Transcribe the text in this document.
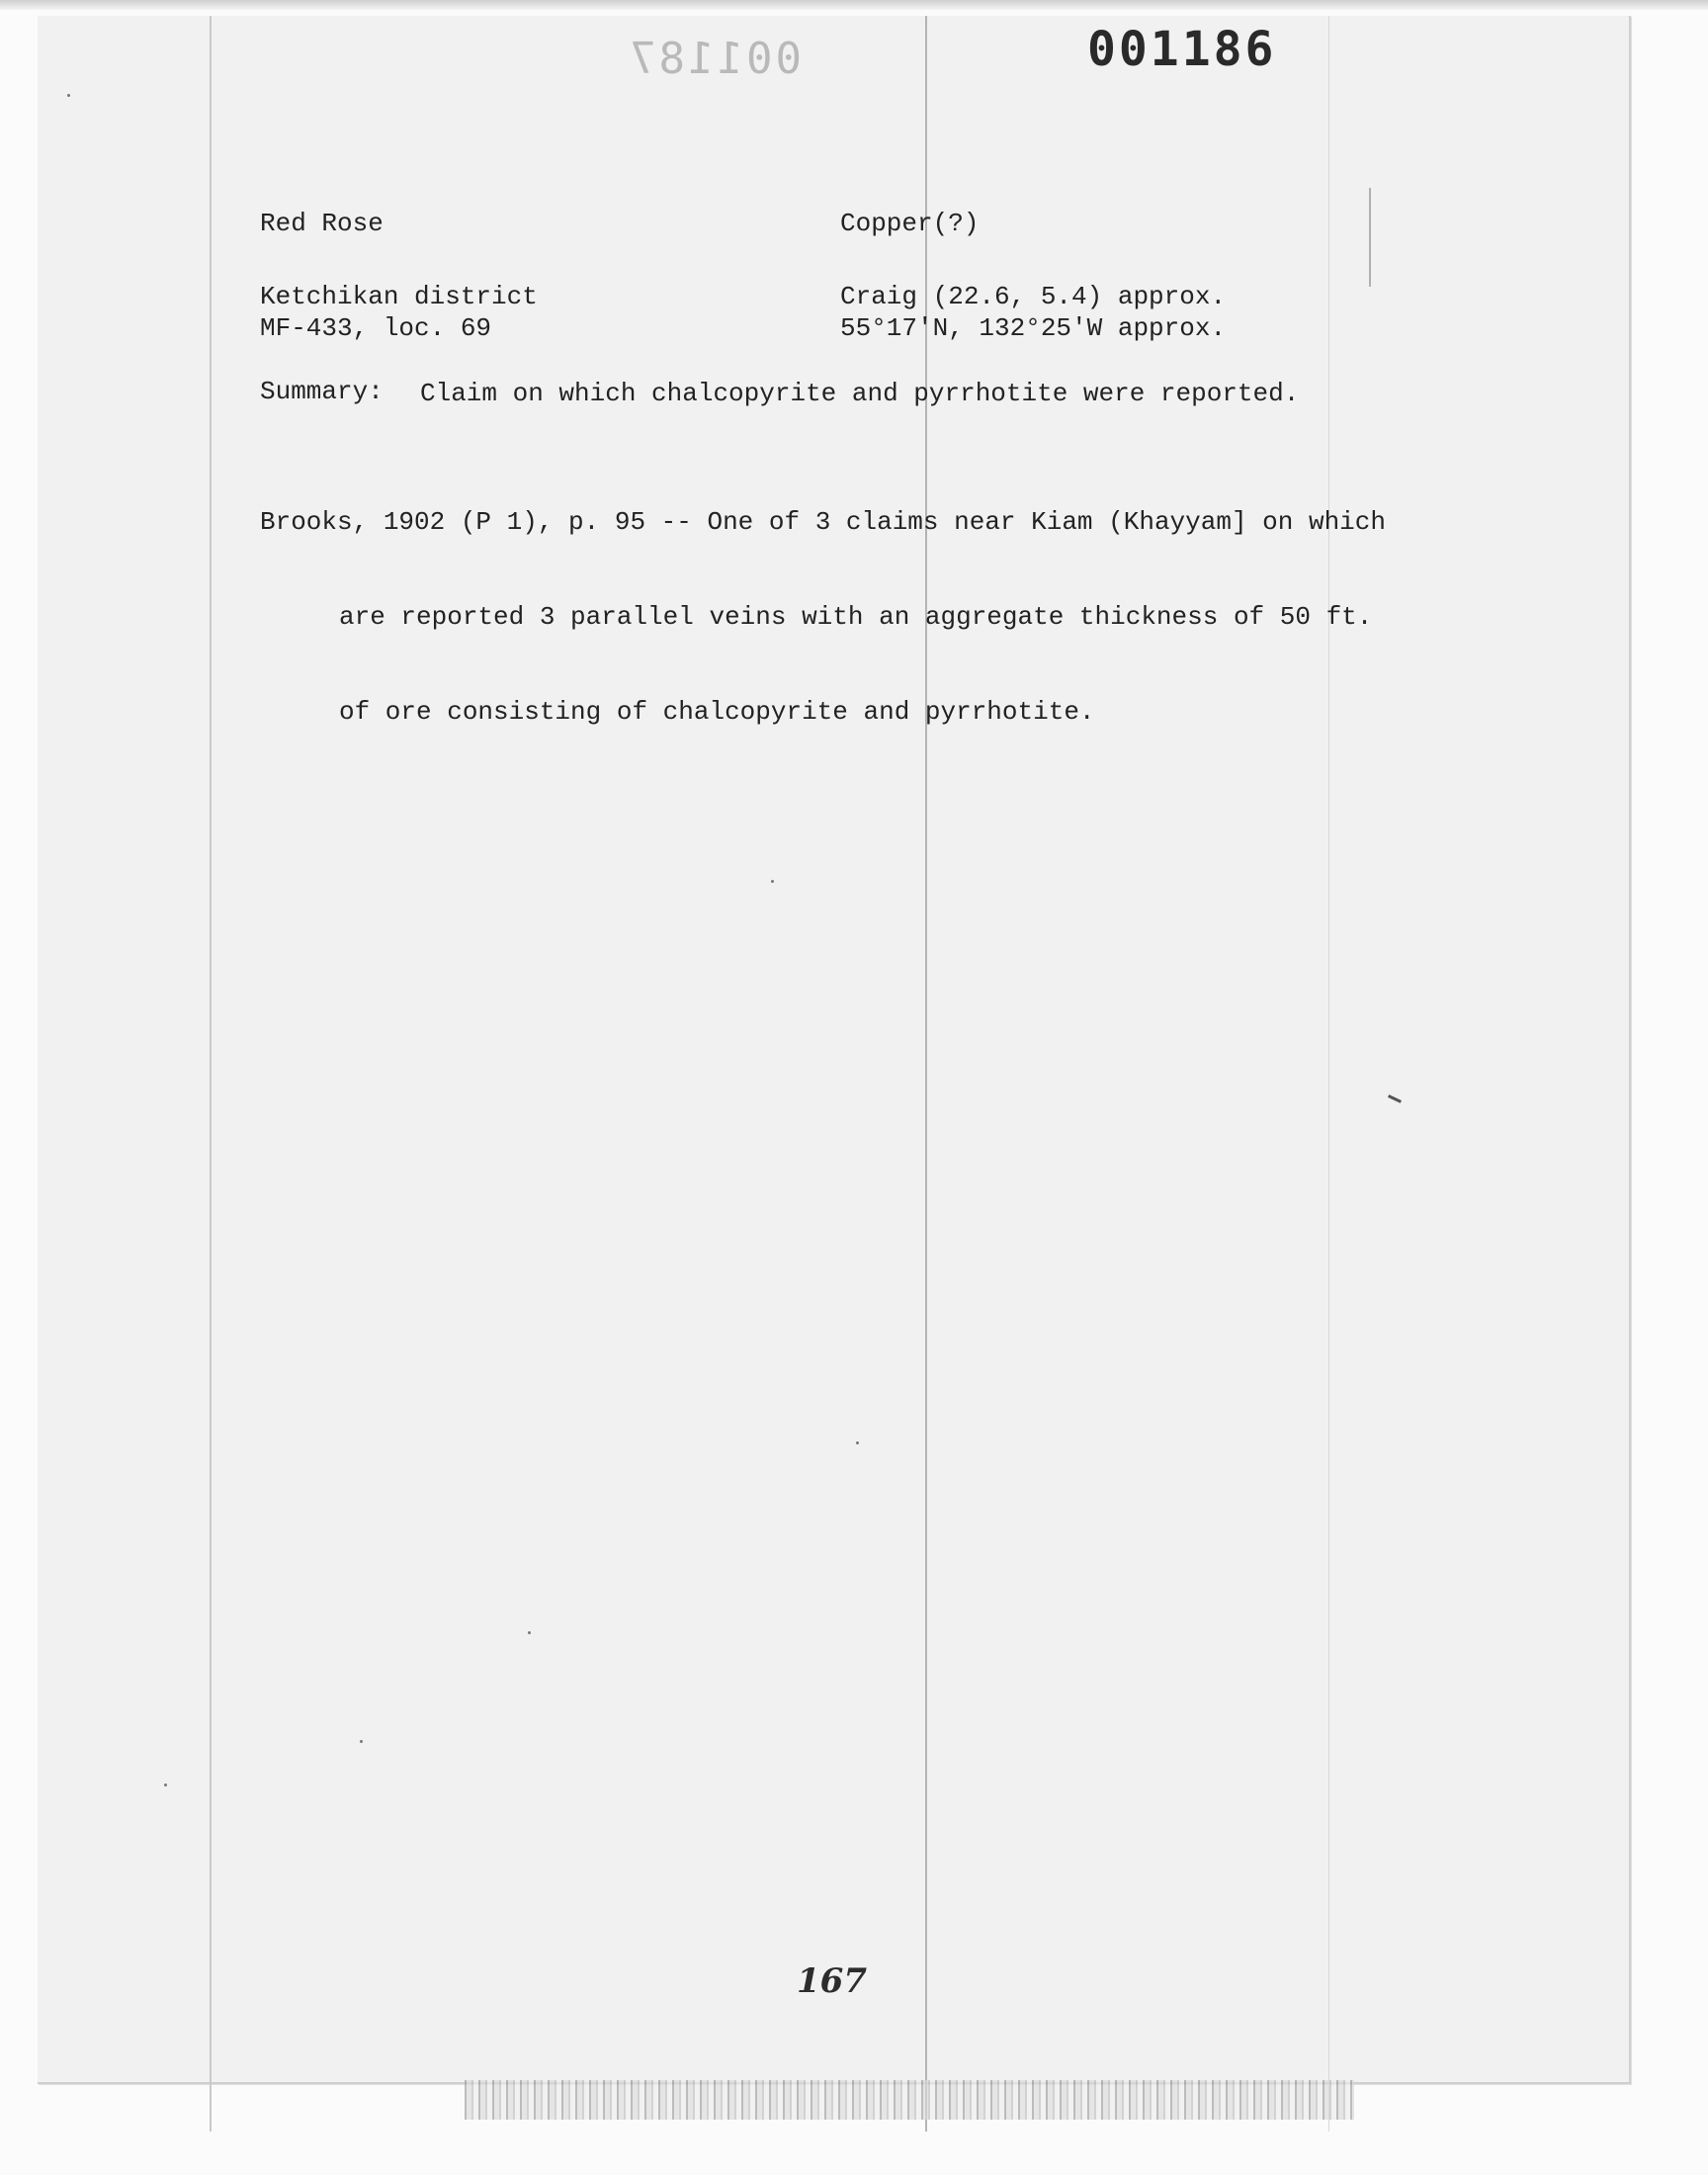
001187	001186
Red Rose	Copper(?)
Ketchikan district	Craig (22.6, 5.4) approx.
MF-433, loc. 69	55°17'N, 132°25'W approx.
Summary: Claim on which chalcopyrite and pyrrhotite were reported.

Brooks, 1902 (P 1), p. 95 -- One of 3 claims near Kiam (Khayyam] on which

are reported 3 parallel veins with an aggregate thickness of 50 ft.

of ore consisting of chalcopyrite and pyrrhotite.

167
